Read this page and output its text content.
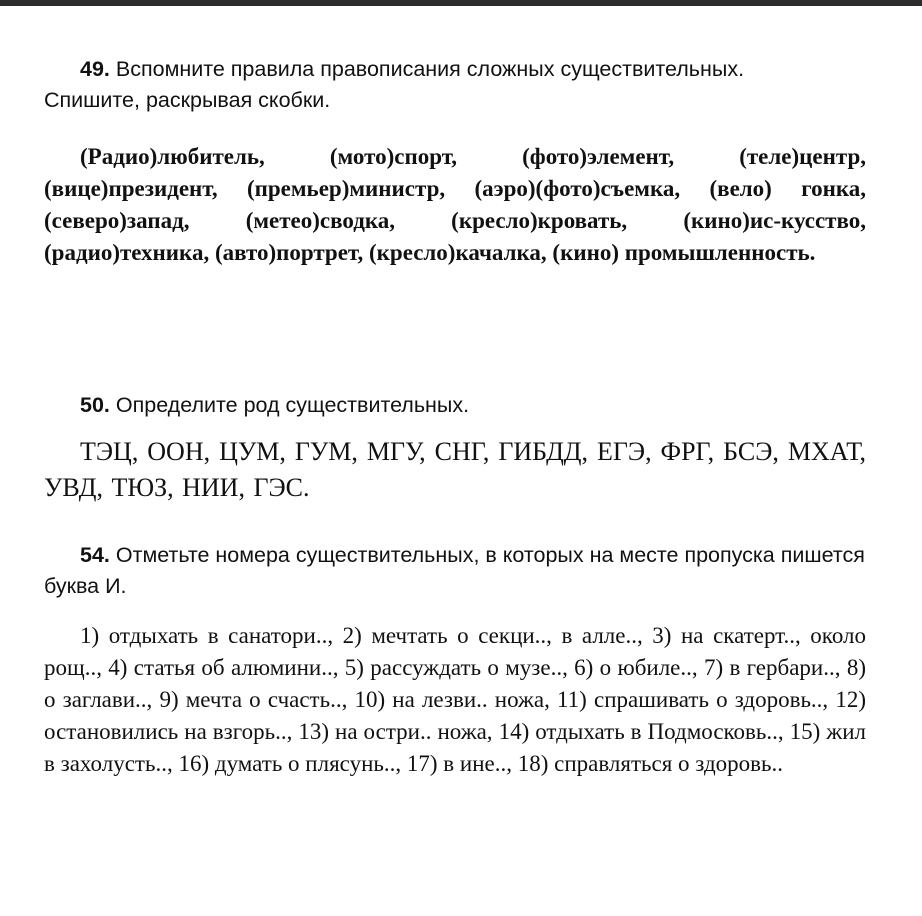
49. Вспомните правила правописания сложных существительных.

Спишите, раскрывая скобки.

(Радио)любитель, (мото)спорт, (фото)элемент, (теле)центр, (вице)президент, (премьер)министр, (аэро)(фото)съемка, (вело) гонка, (северо)запад, (метео)сводка, (кресло)кровать, (кино)ис-кусство, (радио)техника, (авто)портрет, (кресло)качалка, (кино) промышленность.

50. Определите род существительных.

ТЭЦ, ООН, ЦУМ, ГУМ, МГУ, СНГ, ГИБДД, ЕГЭ, ФРГ, БСЭ, МХАТ, УВД, ТЮЗ, НИИ, ГЭС.

54. Отметьте номера существительных, в которых на месте пропуска пишется буква И.

1) отдыхать в санатори.., 2) мечтать о секци.., в алле.., 3) на скатерт.., около рощ.., 4) статья об алюмини.., 5) рассуждать о музе.., 6) о юбиле.., 7) в гербари.., 8) о заглави.., 9) мечта о счасть.., 10) на лезви.. ножа, 11) спрашивать о здоровь.., 12) остановились на взгорь.., 13) на остри.. ножа, 14) отдыхать в Подмосковь.., 15) жил в захолусть.., 16) думать о плясунь.., 17) в ине.., 18) справляться о здоровь..
